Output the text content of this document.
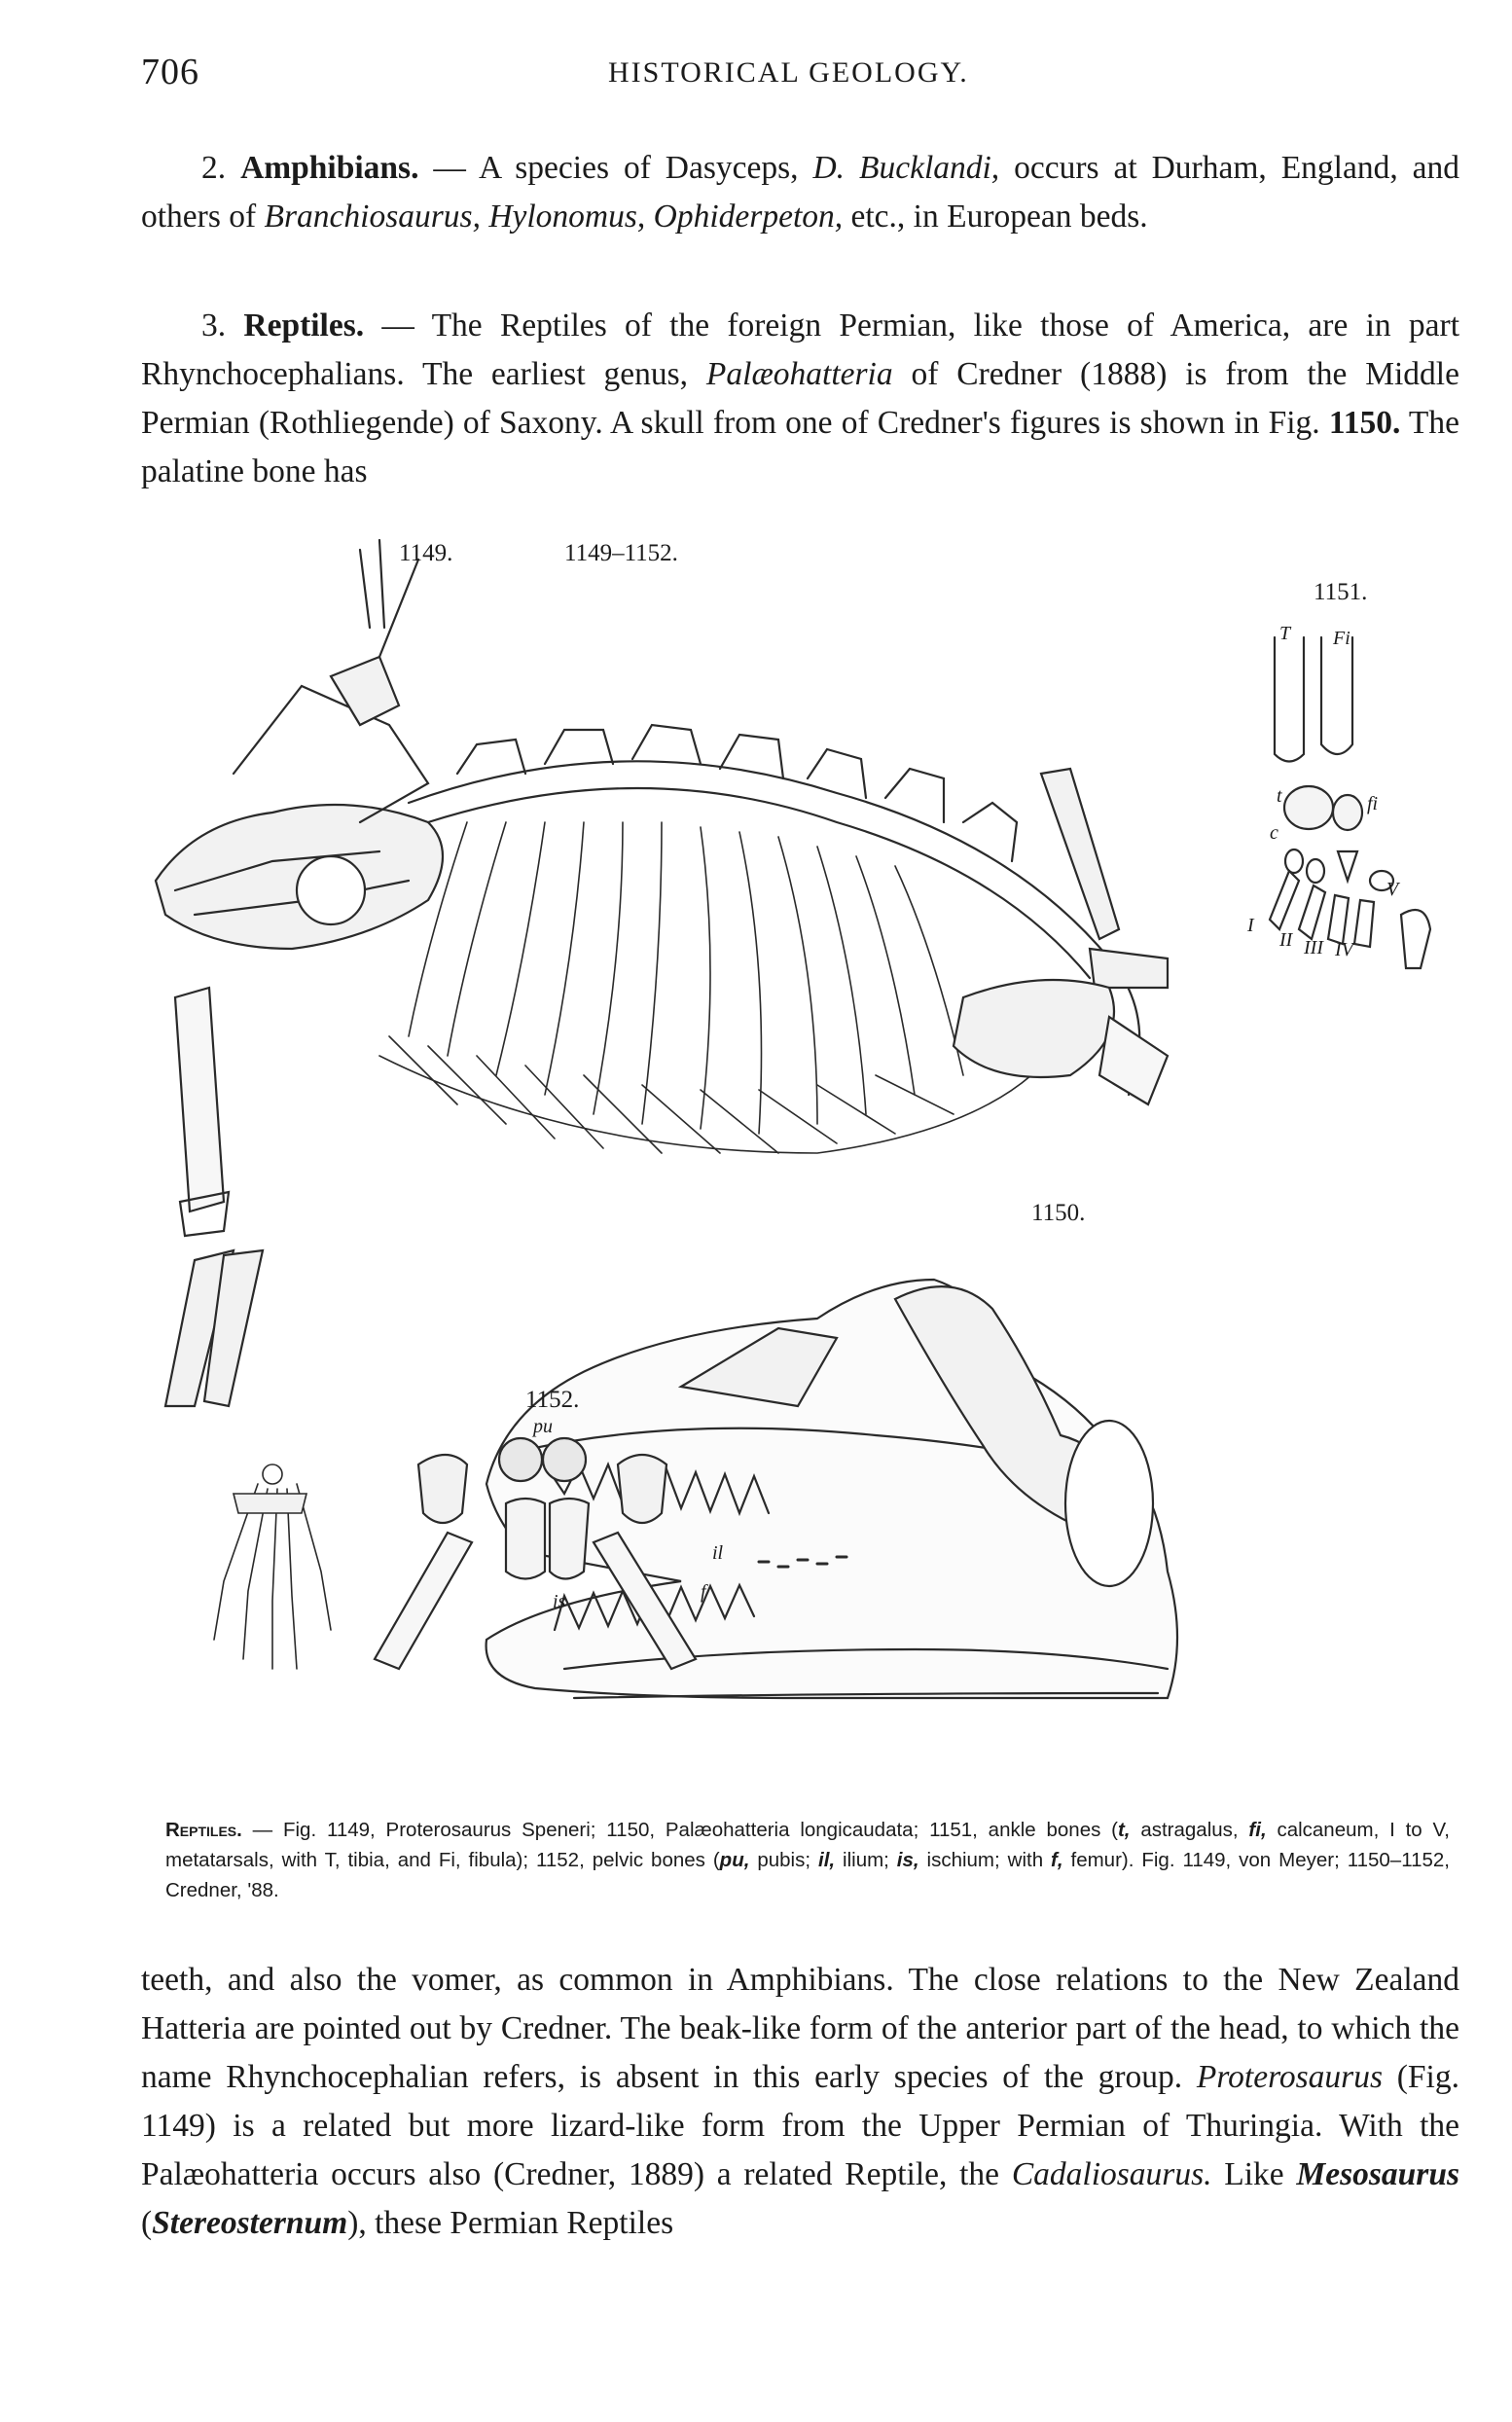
706	HISTORICAL GEOLOGY.

2. Amphibians. — A species of Dasyceps, D. Bucklandi, occurs at Durham, England, and others of Branchiosaurus, Hylonomus, Ophiderpeton, etc., in European beds.

3. Reptiles. — The Reptiles of the foreign Permian, like those of America, are in part Rhynchocephalians. The earliest genus, Palæohatteria of Credner (1888) is from the Middle Permian (Rothliegende) of Saxony. A skull from one of Credner's figures is shown in Fig. 1150. The palatine bone has

1149.	1149–1152.
1151.
1150.
1152.
T Fi
t	fi
c
I
II III IV
V
pu
il
is	f

Reptiles. — Fig. 1149, Proterosaurus Speneri; 1150, Palæohatteria longicaudata; 1151, ankle bones (t, astragalus, fi, calcaneum, I to V, metatarsals, with T, tibia, and Fi, fibula); 1152, pelvic bones (pu, pubis; il, ilium; is, ischium; with f, femur). Fig. 1149, von Meyer; 1150–1152, Credner, '88.

teeth, and also the vomer, as common in Amphibians. The close relations to the New Zealand Hatteria are pointed out by Credner. The beak-like form of the anterior part of the head, to which the name Rhynchocephalian refers, is absent in this early species of the group. Proterosaurus (Fig. 1149) is a related but more lizard-like form from the Upper Permian of Thuringia. With the Palæohatteria occurs also (Credner, 1889) a related Reptile, the Cadaliosaurus. Like Mesosaurus (Stereosternum), these Permian Reptiles
